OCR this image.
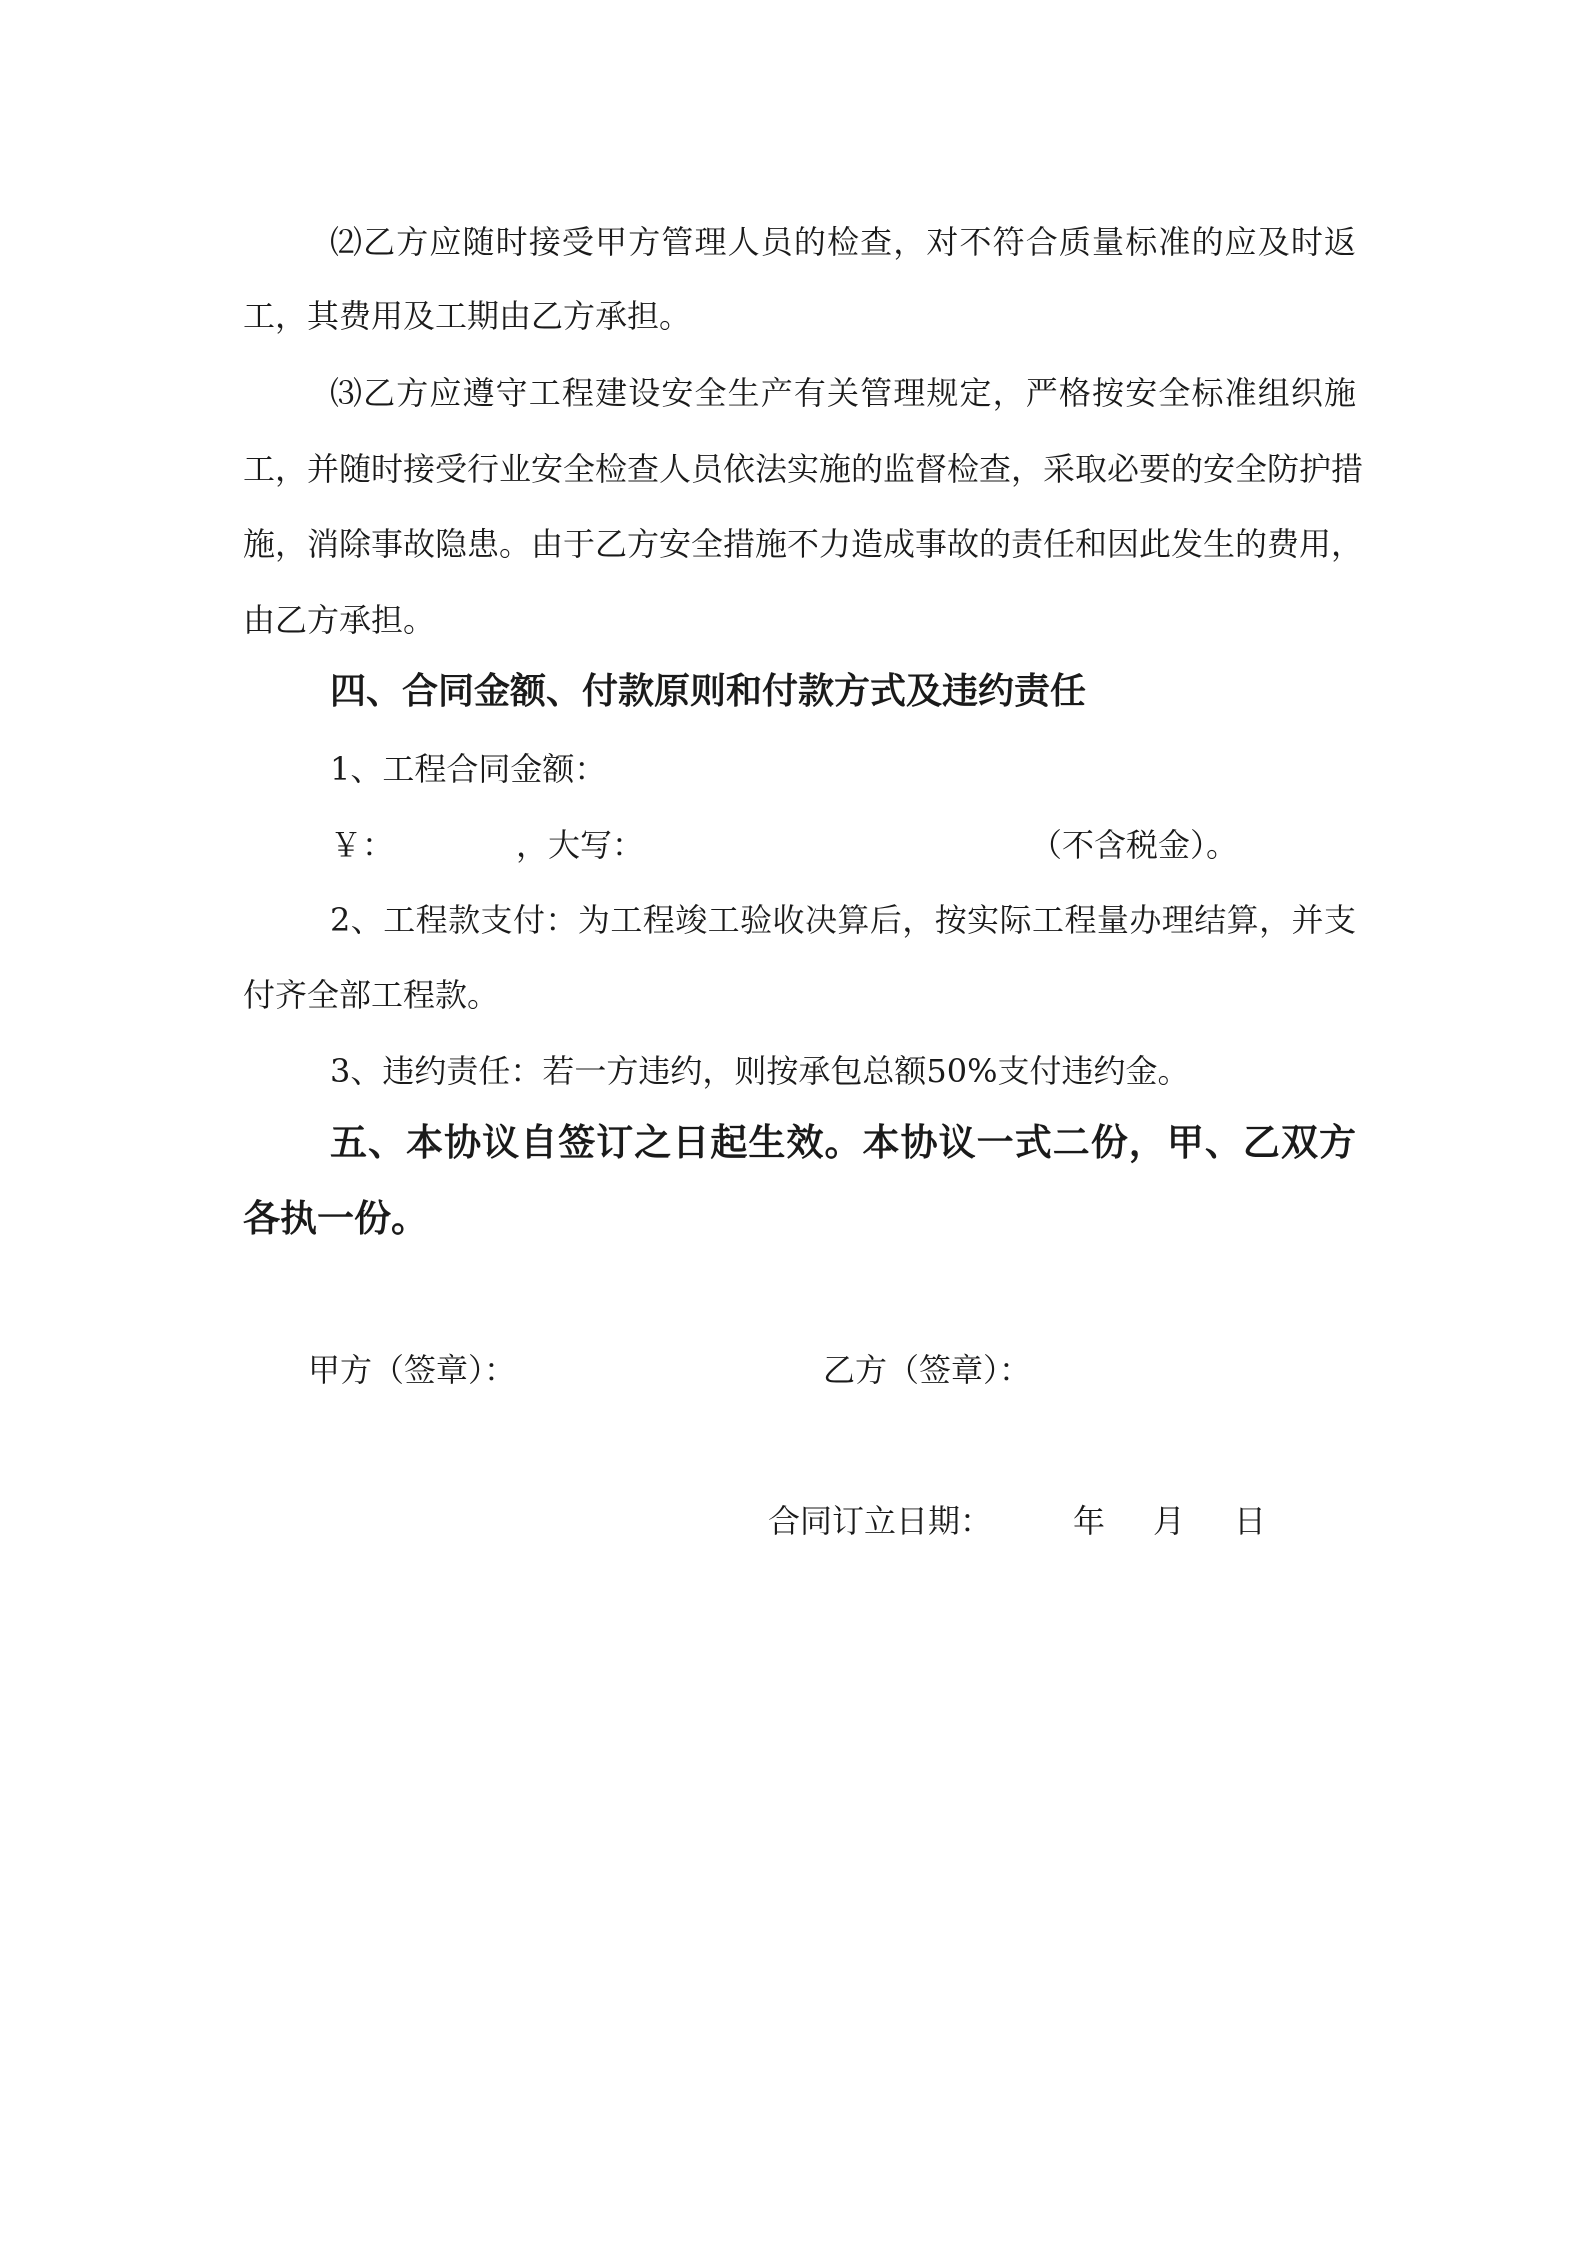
⑵乙方应随时接受甲方管理人员的检查，对不符合质量标准的应及时返
工，其费用及工期由乙方承担。
⑶乙方应遵守工程建设安全生产有关管理规定，严格按安全标准组织施
工，并随时接受行业安全检查人员依法实施的监督检查，采取必要的安全防护措
施，消除事故隐患。由于乙方安全措施不力造成事故的责任和因此发生的费用，
由乙方承担。
四、合同金额、付款原则和付款方式及违约责任
1、工程合同金额：
￥：	，大写：	（不含税金）。
2、工程款支付：为工程竣工验收决算后，按实际工程量办理结算，并支
付齐全部工程款。
3、违约责任：若一方违约，则按承包总额50%支付违约金。
五、本协议自签订之日起生效。本协议一式二份，甲、乙双方
各执一份。
甲方（签章）：	乙方（签章）：
合同订立日期：	年 月 日
